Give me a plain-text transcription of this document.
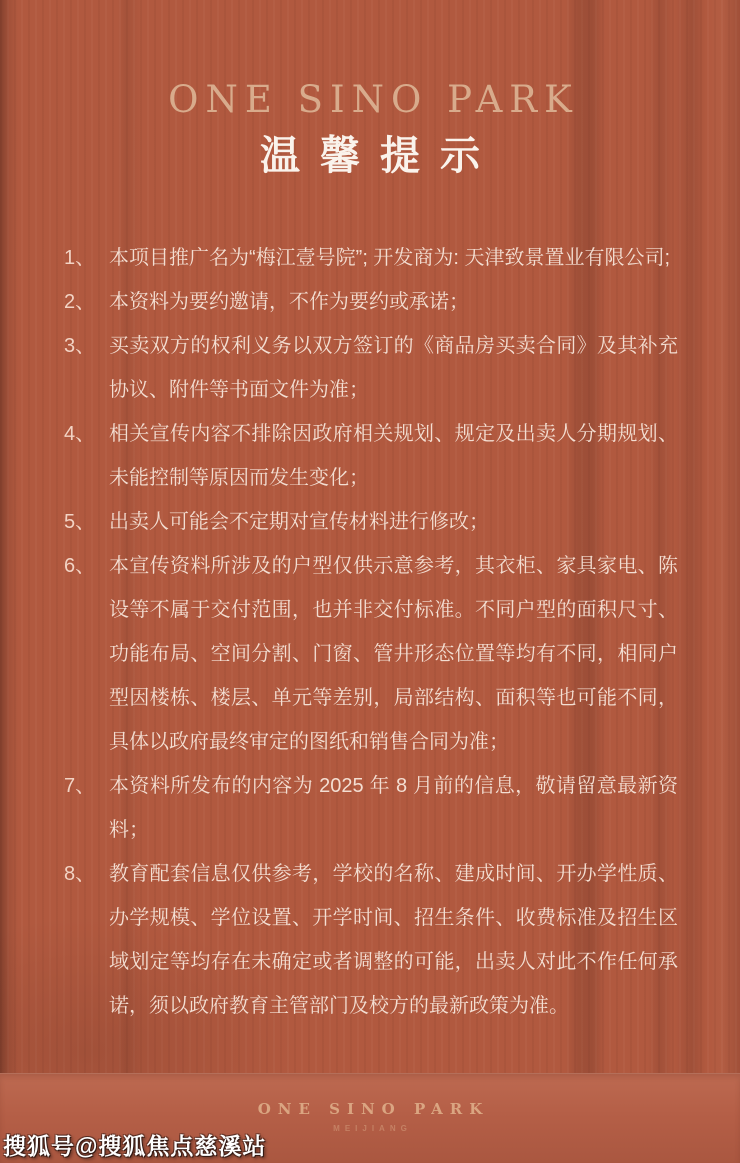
ONE SINO PARK
温馨提示
1、 本项目推广名为“梅江壹号院”; 开发商为: 天津致景置业有限公司;
2、 本资料为要约邀请，不作为要约或承诺；
3、 买卖双方的权利义务以双方签订的《商品房买卖合同》及其补充协议、附件等书面文件为准；
4、 相关宣传内容不排除因政府相关规划、规定及出卖人分期规划、未能控制等原因而发生变化；
5、 出卖人可能会不定期对宣传材料进行修改；
6、 本宣传资料所涉及的户型仅供示意参考，其衣柜、家具家电、陈设等不属于交付范围，也并非交付标准。不同户型的面积尺寸、功能布局、空间分割、门窗、管井形态位置等均有不同，相同户型因楼栋、楼层、单元等差别，局部结构、面积等也可能不同，具体以政府最终审定的图纸和销售合同为准；
7、 本资料所发布的内容为 2025 年 8 月前的信息，敬请留意最新资料；
8、 教育配套信息仅供参考，学校的名称、建成时间、开办学性质、办学规模、学位设置、开学时间、招生条件、收费标准及招生区域划定等均存在未确定或者调整的可能，出卖人对此不作任何承诺，须以政府教育主管部门及校方的最新政策为准。
ONE SINO PARK
MEIJIANG
搜狐号@搜狐焦点慈溪站
